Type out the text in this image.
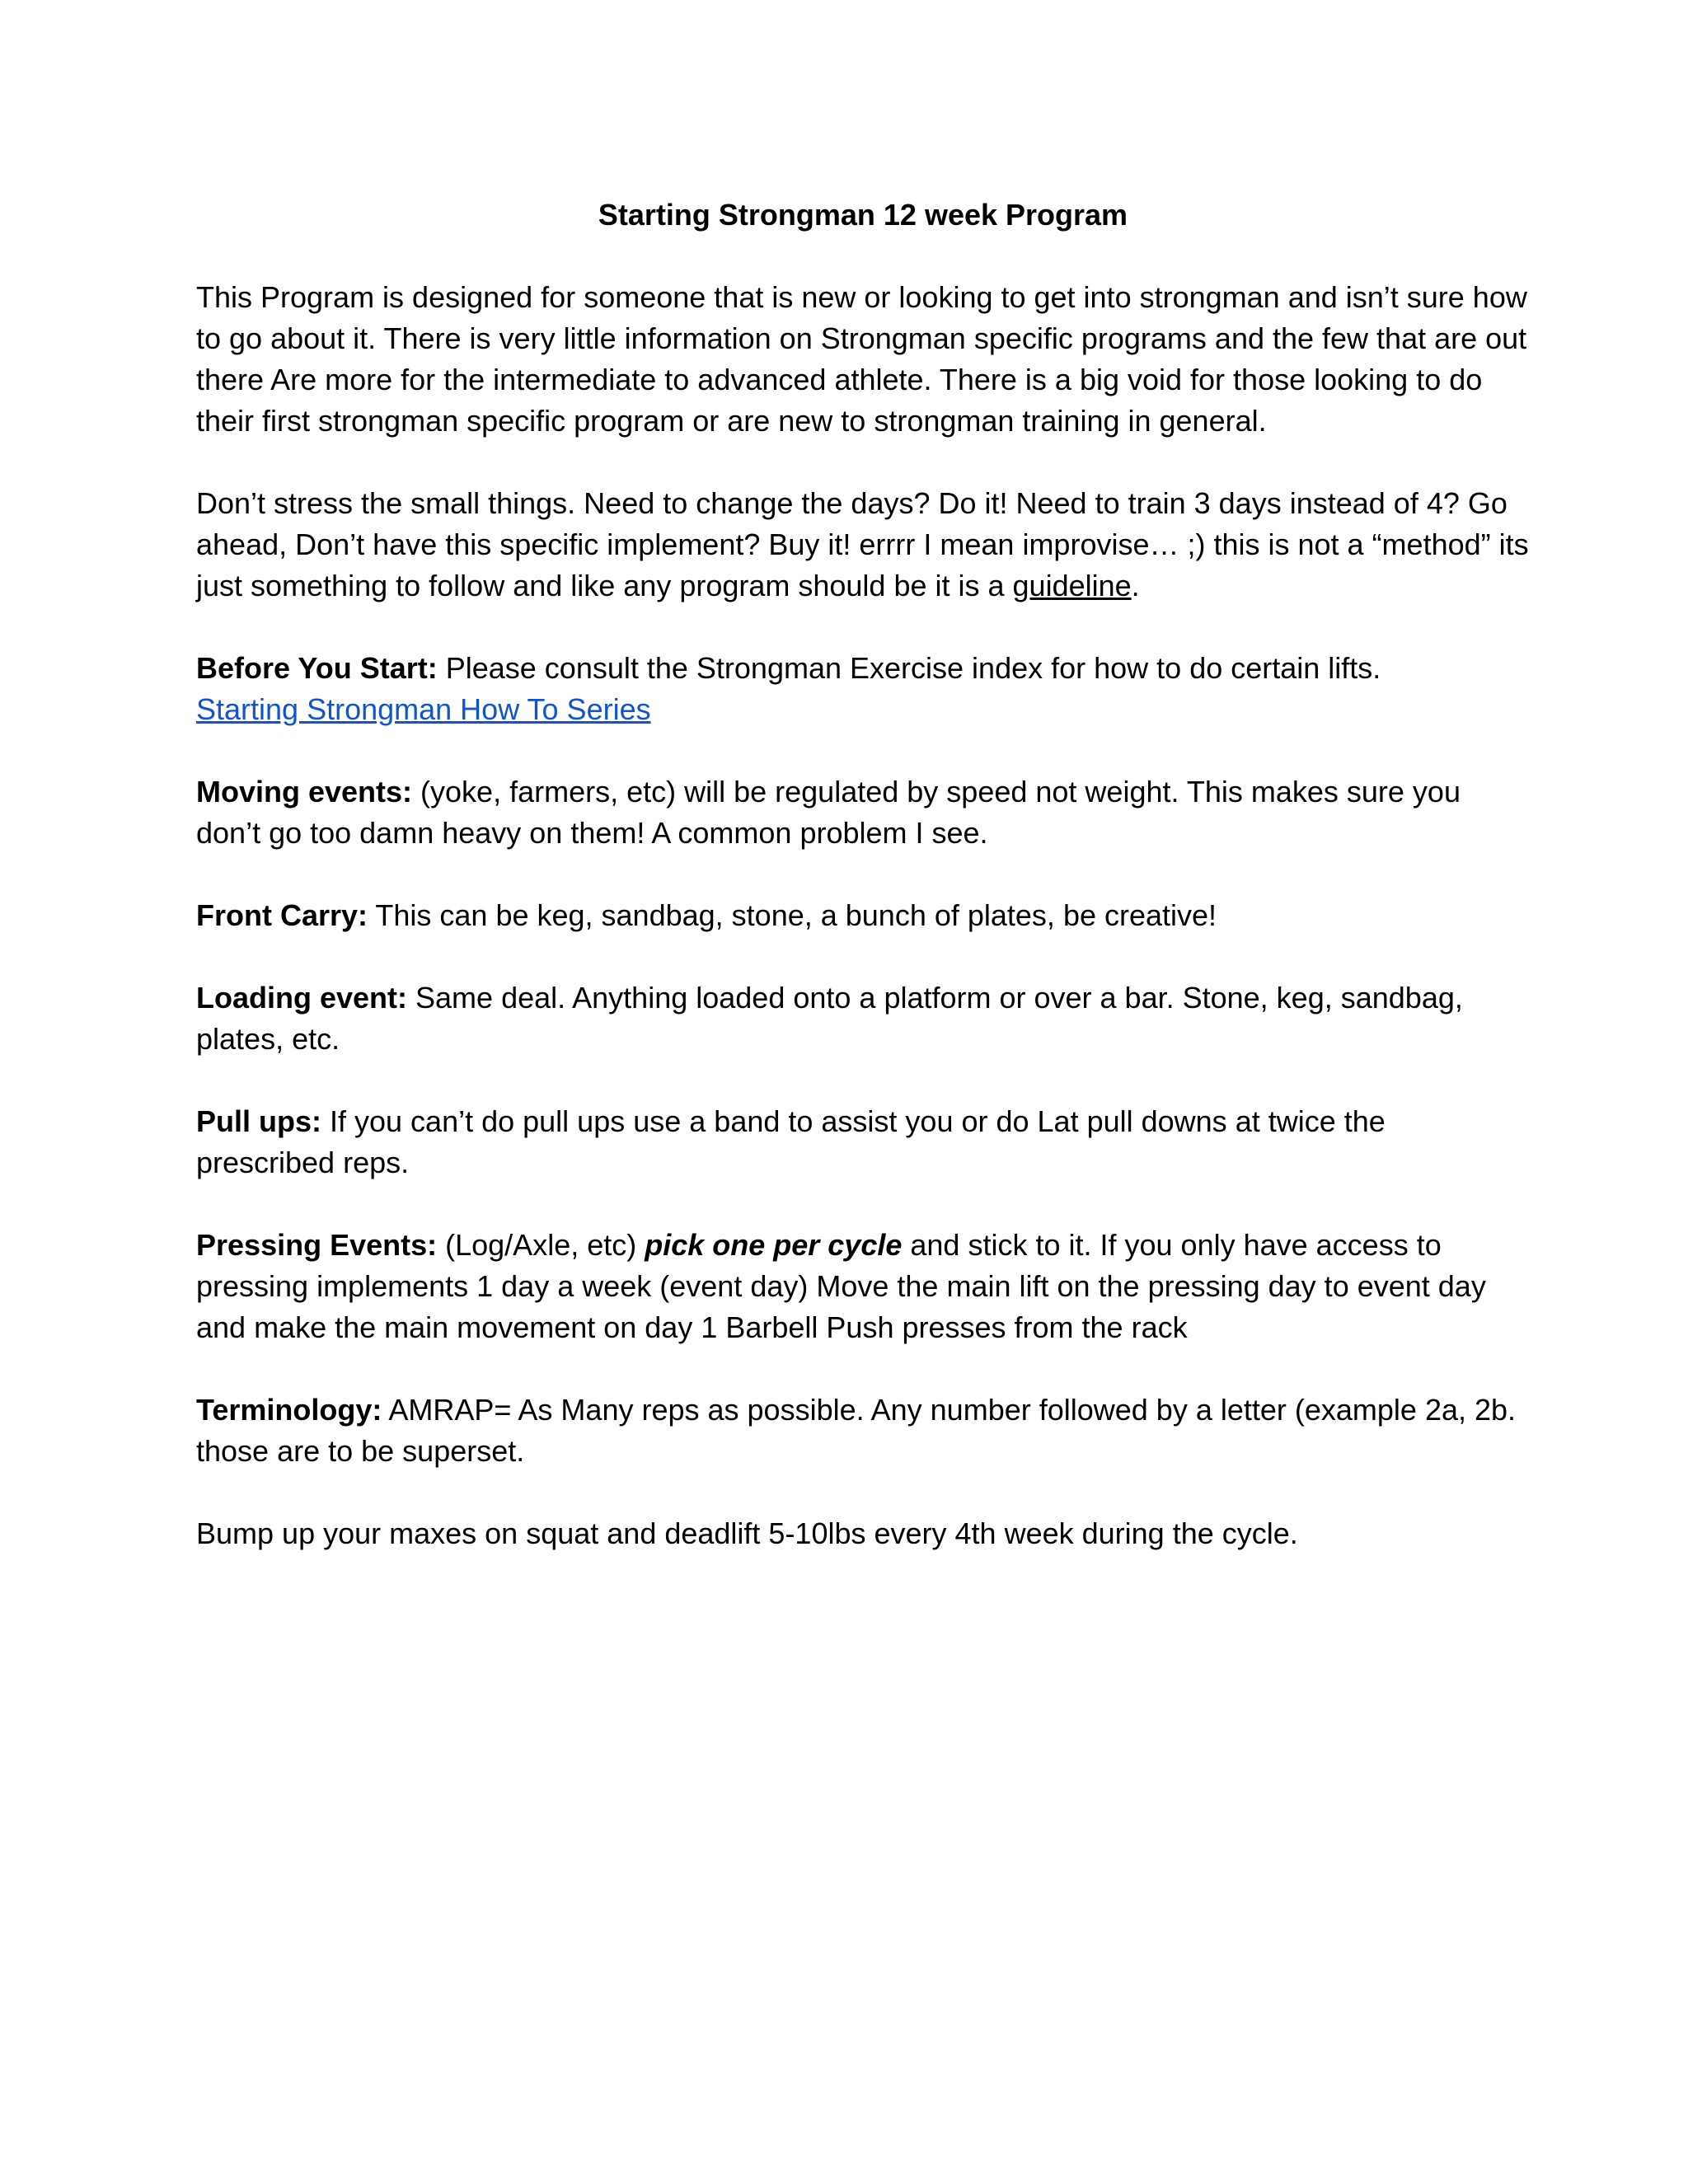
Starting Strongman 12 week Program

This Program is designed for someone that is new or looking to get into strongman and isn’t sure how to go about it. There is very little information on Strongman specific programs and the few that are out there Are more for the intermediate to advanced athlete. There is a big void for those looking to do their first strongman specific program or are new to strongman training in general.

Don’t stress the small things. Need to change the days? Do it! Need to train 3 days instead of 4? Go ahead, Don’t have this specific implement? Buy it! errrr I mean improvise… ;) this is not a “method” its just something to follow and like any program should be it is a guideline.

Before You Start: Please consult the Strongman Exercise index for how to do certain lifts.
Starting Strongman How To Series

Moving events: (yoke, farmers, etc) will be regulated by speed not weight. This makes sure you don’t go too damn heavy on them! A common problem I see.

Front Carry: This can be keg, sandbag, stone, a bunch of plates, be creative!

Loading event: Same deal. Anything loaded onto a platform or over a bar. Stone, keg, sandbag, plates, etc.

Pull ups: If you can’t do pull ups use a band to assist you or do Lat pull downs at twice the prescribed reps.

Pressing Events: (Log/Axle, etc) pick one per cycle and stick to it. If you only have access to pressing implements 1 day a week (event day) Move the main lift on the pressing day to event day and make the main movement on day 1 Barbell Push presses from the rack

Terminology: AMRAP= As Many reps as possible. Any number followed by a letter (example 2a, 2b. those are to be superset.

Bump up your maxes on squat and deadlift 5-10lbs every 4th week during the cycle.
